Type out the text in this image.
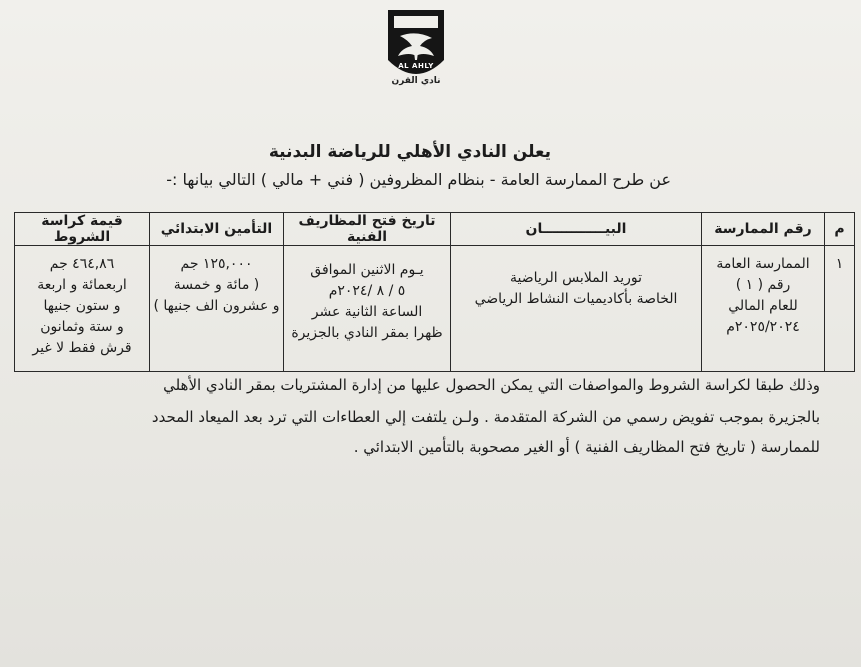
AL AHLY
نادي القرن
يعلن النادي الأهلي للرياضة البدنية
عن طرح الممارسة العامة - بنظام المظروفين ( فني + مالي ) التالي بيانها :-
م	رقم الممارسة	البيـــــــــــــان	تاريخ فتح المظاريف الفنية	التأمين الابتدائي	قيمة كراسة الشروط

١	الممارسة العامة
رقم ( ١ )
للعام المالي
٢٠٢٥/٢٠٢٤م	توريد الملابس الرياضية
الخاصة بأكاديميات النشاط الرياضي	يـوم الاثنين الموافق
٥ / ٨ /٢٠٢٤م
الساعة الثانية عشر
ظهرا بمقر النادي بالجزيرة	١٢٥,٠٠٠ جم
( مائة و خمسة
و عشرون الف جنيها )	٤٦٤,٨٦ جم
اربعمائة و اربعة
و ستون جنيها
و ستة وثمانون
قرش فقط لا غير
وذلك طبقا لكراسة الشروط والمواصفات التي يمكن الحصول عليها من إدارة المشتريات بمقر النادي الأهلي
بالجزيرة بموجب تفويض رسمي من الشركة المتقدمة . ولـن يلتفت إلي العطاءات التي ترد بعد الميعاد المحدد
للممارسة ( تاريخ فتح المظاريف الفنية ) أو الغير مصحوبة بالتأمين الابتدائي .
